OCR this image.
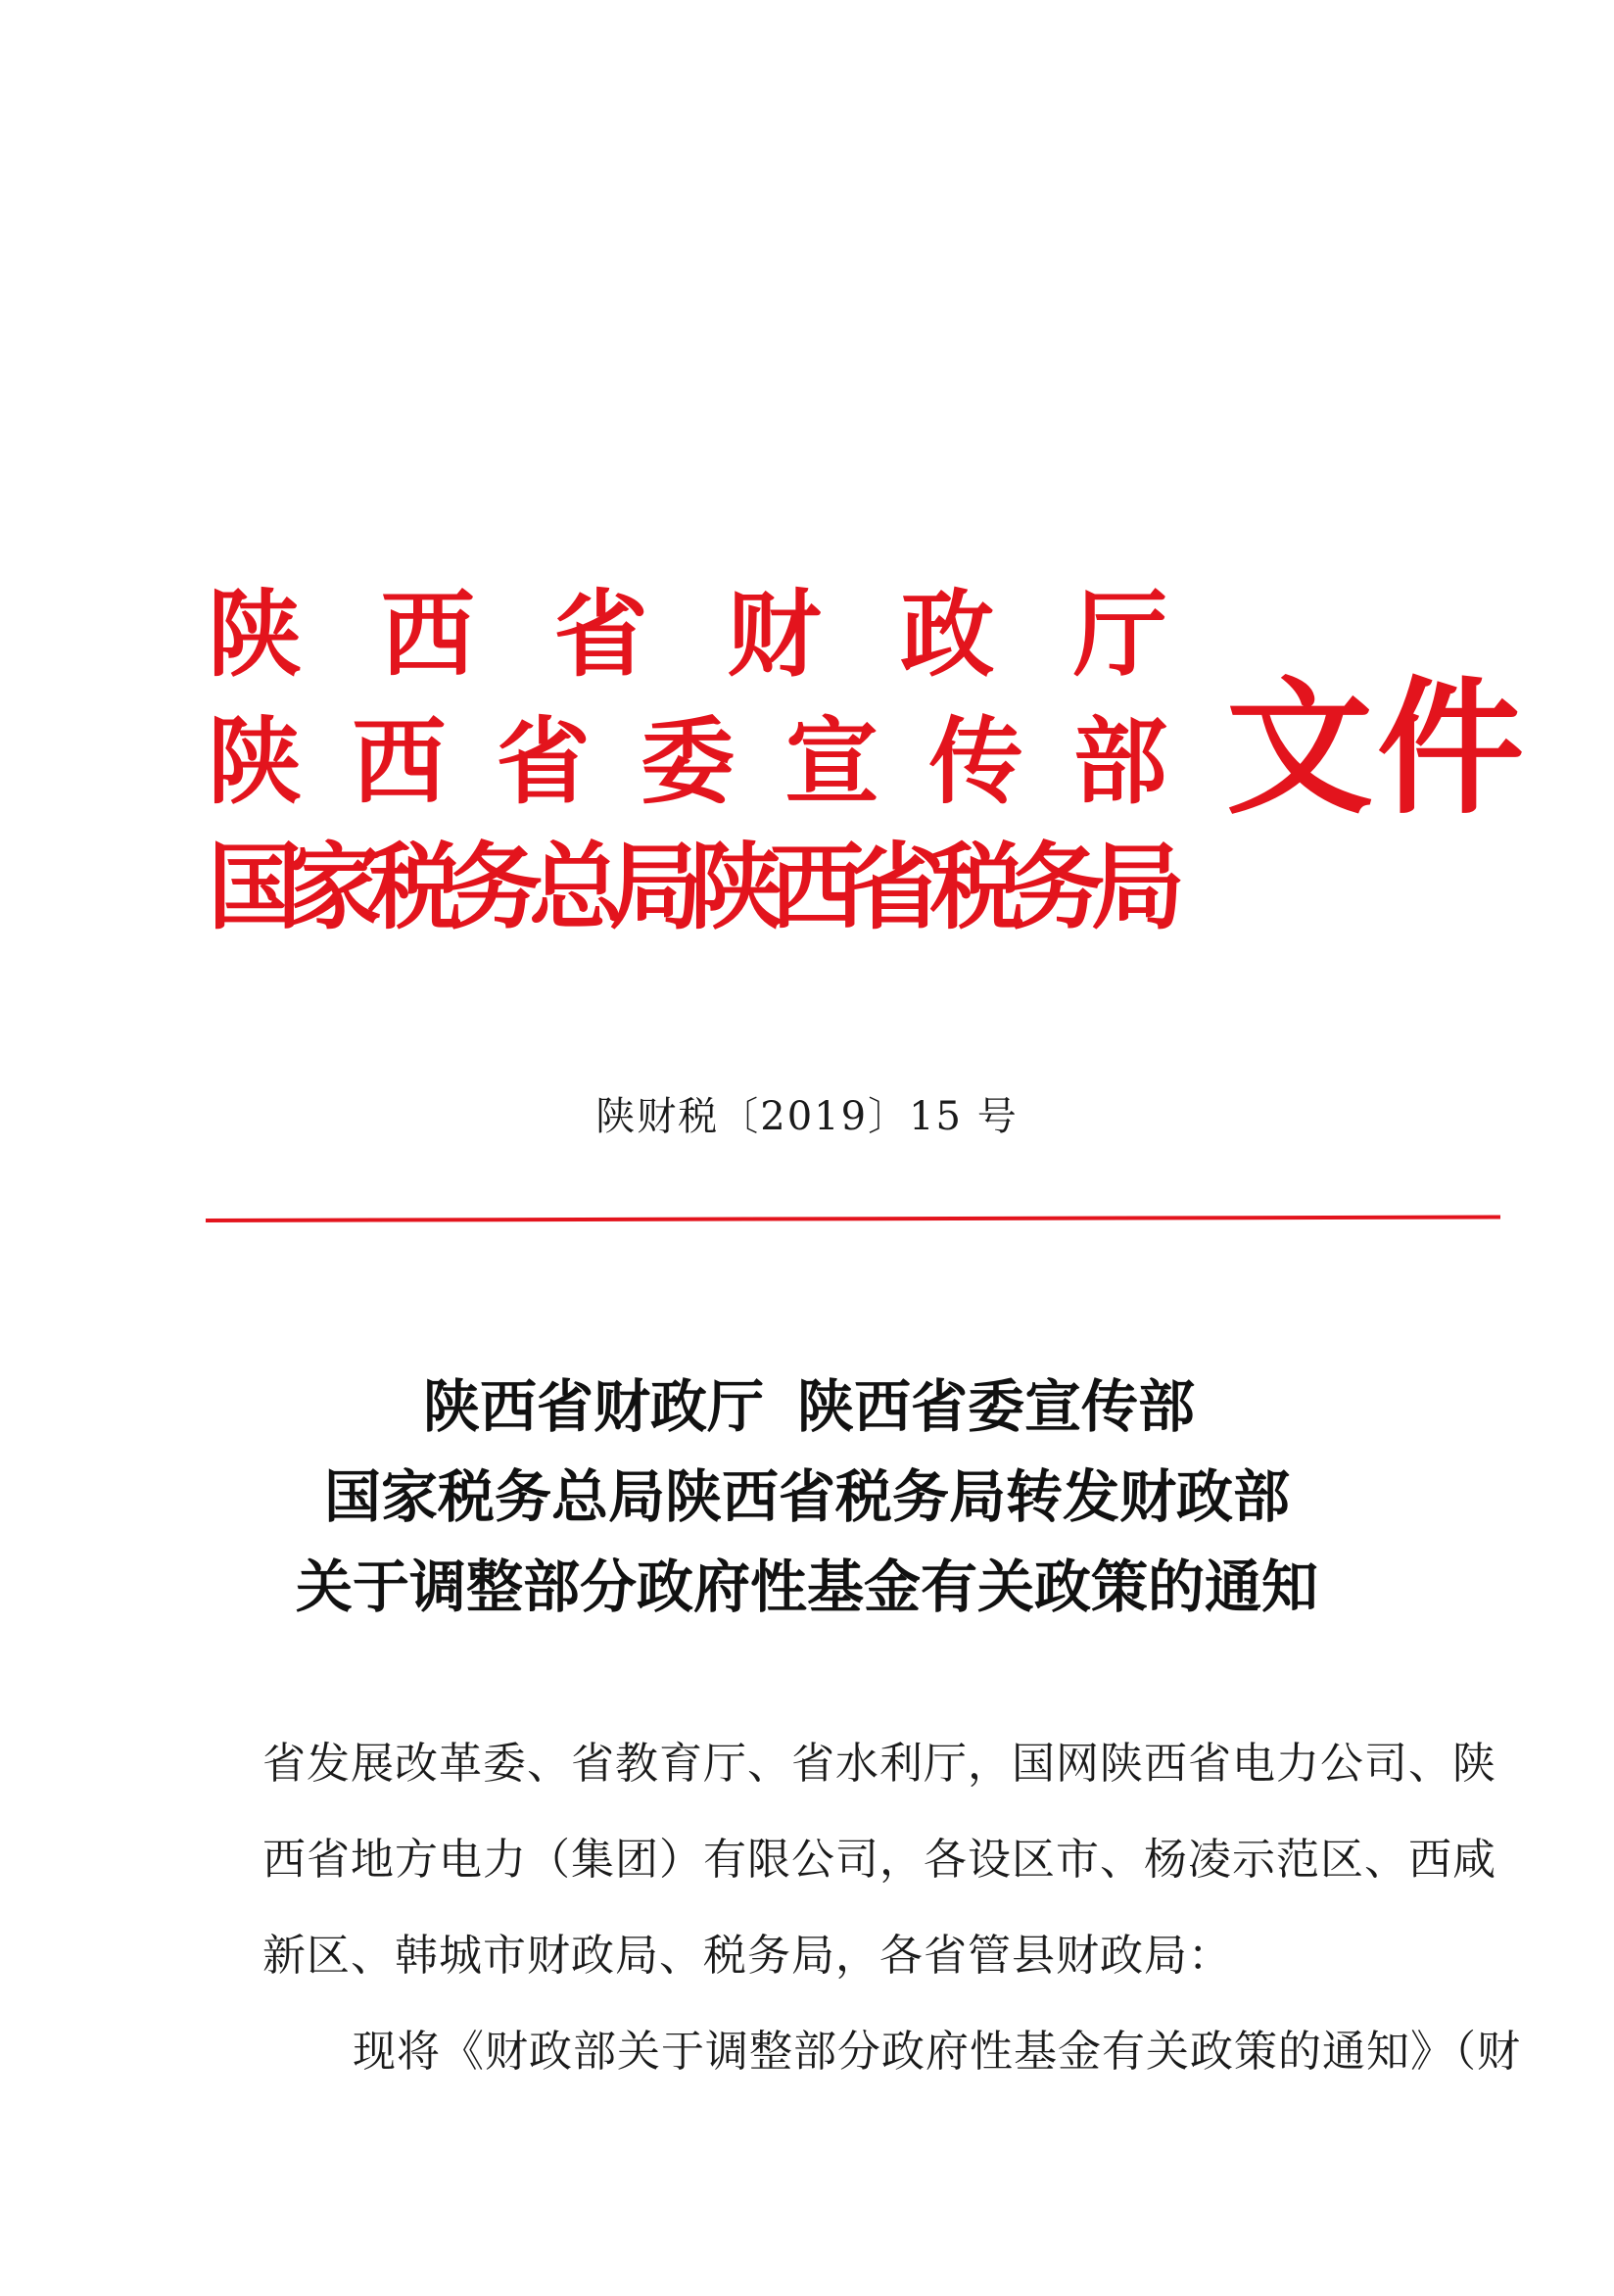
陕 西 省 财 政 厅
陕 西 省 委 宣 传 部
国
家
税
务
总
局
陕
西
省
税
务
局
文件
陕财税〔2019〕15 号
陕西省财政厅 陕西省委宣传部
国家税务总局陕西省税务局转发财政部
关于调整部分政府性基金有关政策的通知
省发展改革委、省教育厅、省水利厅，国网陕西省电力公司、陕
西省地方电力（集团）有限公司，各设区市、杨凌示范区、西咸
新区、韩城市财政局、税务局，各省管县财政局：
现将《财政部关于调整部分政府性基金有关政策的通知》（财
